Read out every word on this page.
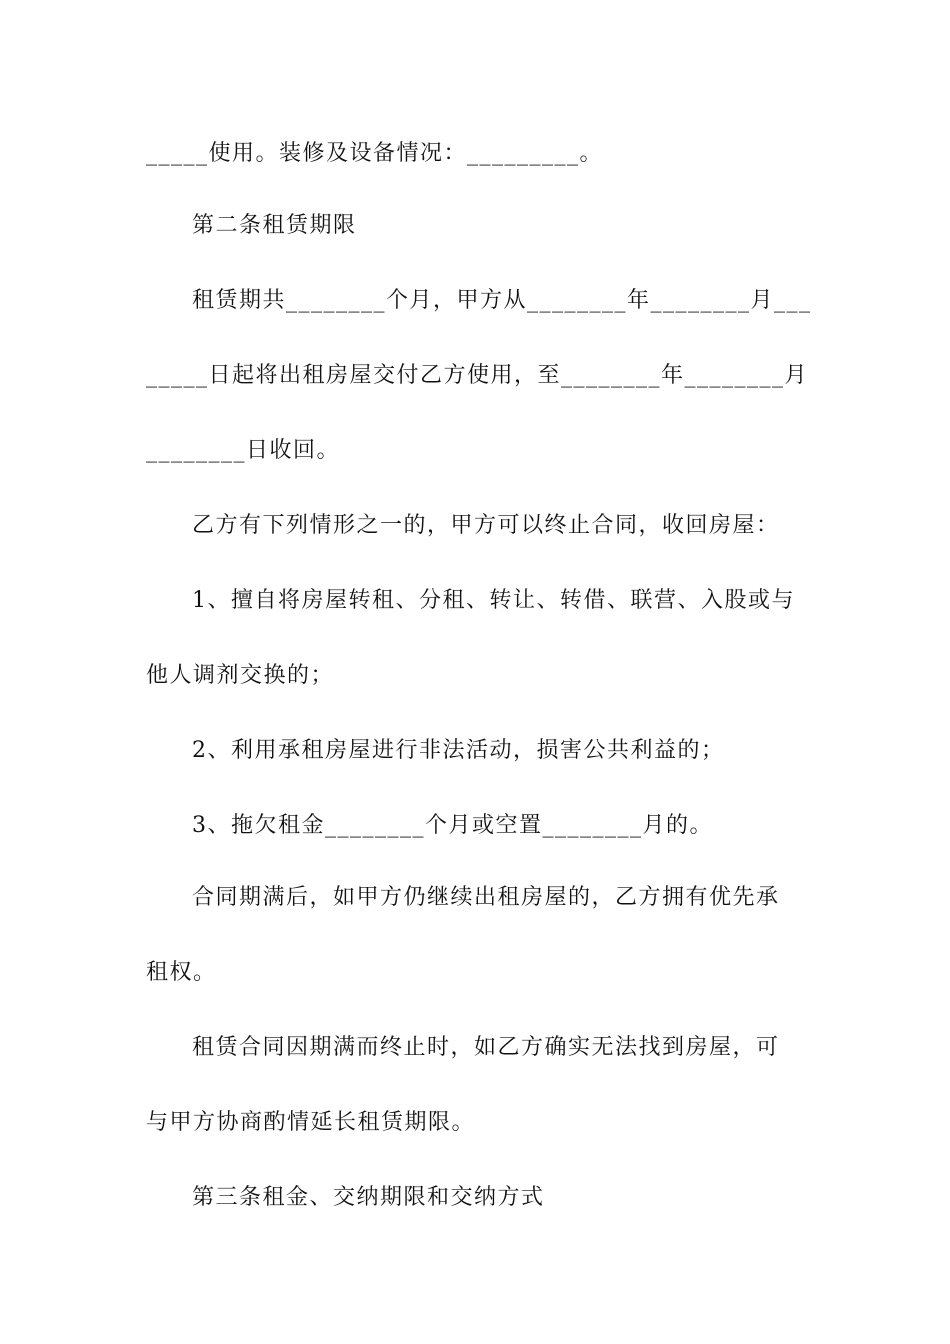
_____使用。装修及设备情况：_________。
第二条租赁期限
租赁期共________个月，甲方从________年________月___
_____日起将出租房屋交付乙方使用，至________年________月
________日收回。
乙方有下列情形之一的，甲方可以终止合同，收回房屋：
1、擅自将房屋转租、分租、转让、转借、联营、入股或与
他人调剂交换的；
2、利用承租房屋进行非法活动，损害公共利益的；
3、拖欠租金________个月或空置________月的。
合同期满后，如甲方仍继续出租房屋的，乙方拥有优先承
租权。
租赁合同因期满而终止时，如乙方确实无法找到房屋，可
与甲方协商酌情延长租赁期限。
第三条租金、交纳期限和交纳方式
